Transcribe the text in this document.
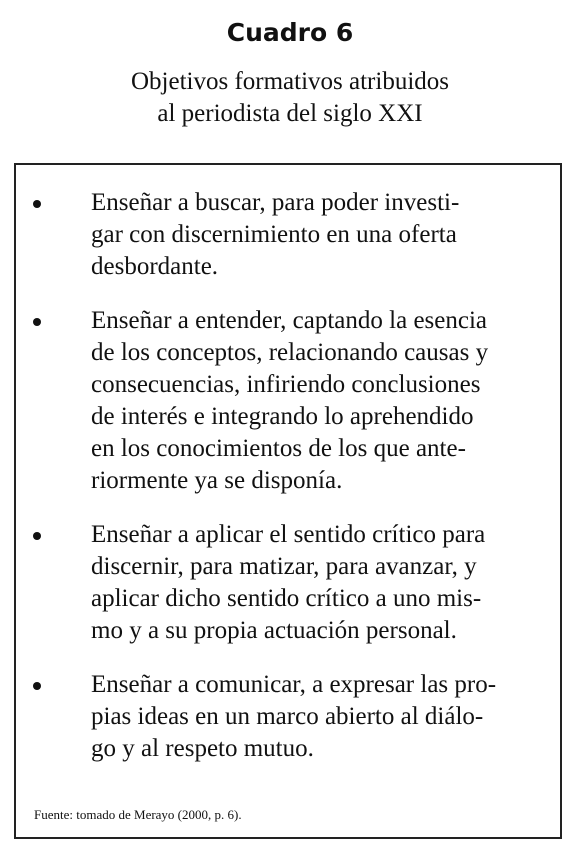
Cuadro 6
Objetivos formativos atribuidos
al periodista del siglo XXI
Enseñar a buscar, para poder investi-
gar con discernimiento en una oferta
desbordante.
Enseñar a entender, captando la esencia
de los conceptos, relacionando causas y
consecuencias, infiriendo conclusiones
de interés e integrando lo aprehendido
en los conocimientos de los que ante-
riormente ya se disponía.
Enseñar a aplicar el sentido crítico para
discernir, para matizar, para avanzar, y
aplicar dicho sentido crítico a uno mis-
mo y a su propia actuación personal.
Enseñar a comunicar, a expresar las pro-
pias ideas en un marco abierto al diálo-
go y al respeto mutuo.

Fuente: tomado de Merayo (2000, p. 6).
